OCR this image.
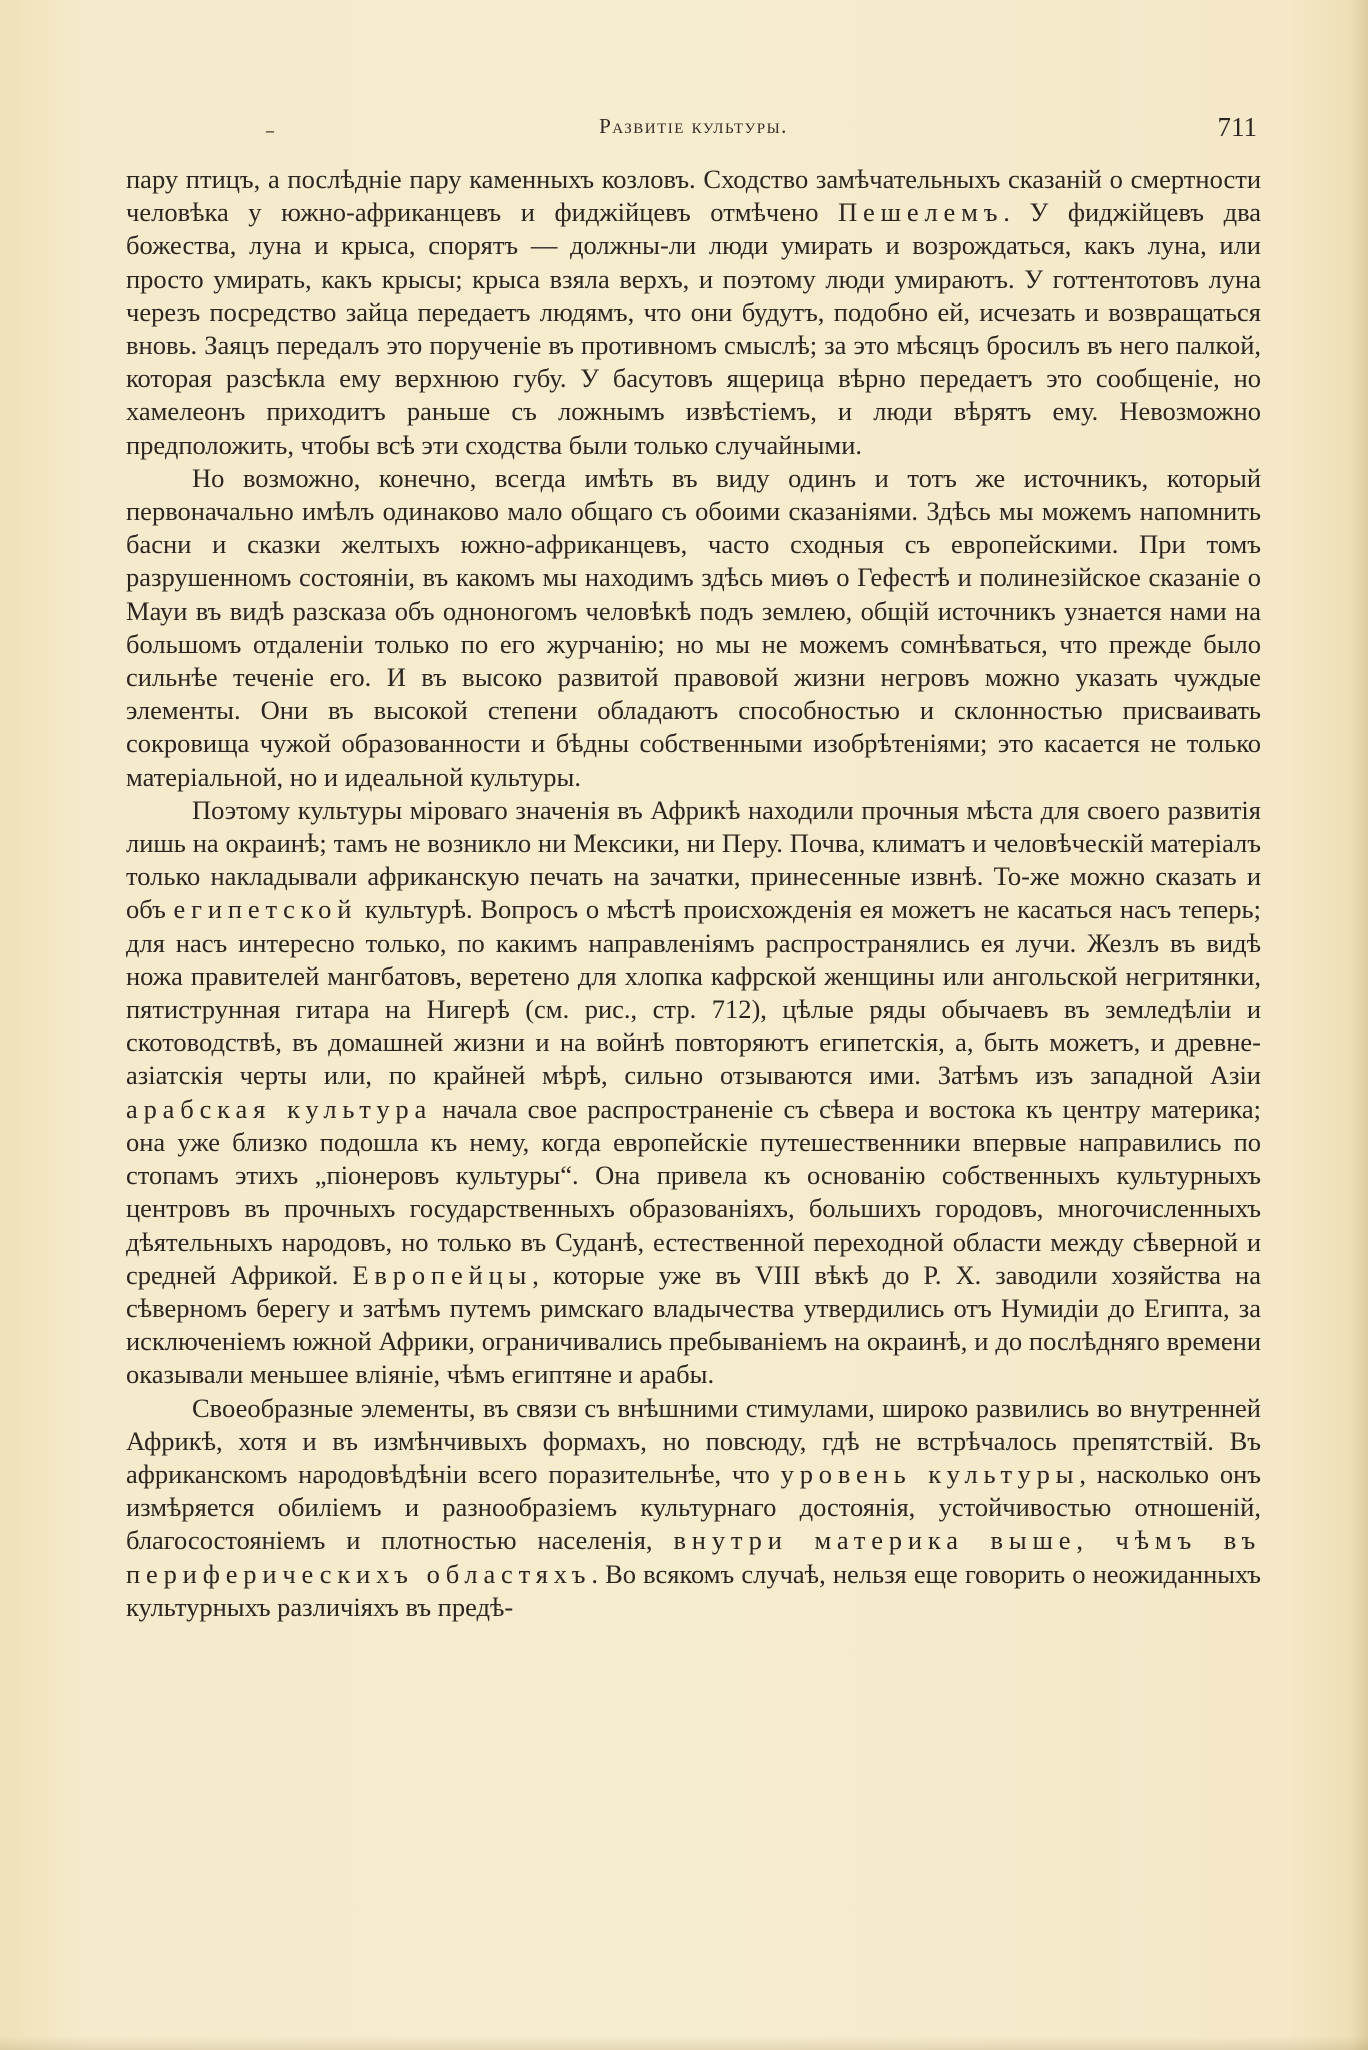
–	Развитіе культуры.	711

пару птицъ, а послѣдніе пару каменныхъ козловъ. Сходство замѣчательныхъ сказаній о смертности человѣка у южно-африканцевъ и фиджійцевъ отмѣчено Пешелемъ. У фиджійцевъ два божества, луна и крыса, спорятъ — должны-ли люди умирать и возрождаться, какъ луна, или просто умирать, какъ крысы; крыса взяла верхъ, и поэтому люди умираютъ. У готтентотовъ луна черезъ посредство зайца передаетъ людямъ, что они будутъ, подобно ей, исчезать и возвращаться вновь. Заяцъ передалъ это порученіе въ противномъ смыслѣ; за это мѣсяцъ бросилъ въ него палкой, которая разсѣкла ему верхнюю губу. У басутовъ ящерица вѣрно передаетъ это сообщеніе, но хамелеонъ приходитъ раньше съ ложнымъ извѣстіемъ, и люди вѣрятъ ему. Невозможно предположить, чтобы всѣ эти сходства были только случайными.

Но возможно, конечно, всегда имѣть въ виду одинъ и тотъ же источникъ, который первоначально имѣлъ одинаково мало общаго съ обоими сказаніями. Здѣсь мы можемъ напомнить басни и сказки желтыхъ южно-африканцевъ, часто сходныя съ европейскими. При томъ разрушенномъ состояніи, въ какомъ мы находимъ здѣсь миѳъ о Гефестѣ и полинезійское сказаніе о Мауи въ видѣ разсказа объ одноногомъ человѣкѣ подъ землею, общій источникъ узнается нами на большомъ отдаленіи только по его журчанію; но мы не можемъ сомнѣваться, что прежде было сильнѣе теченіе его. И въ высоко развитой правовой жизни негровъ можно указать чуждые элементы. Они въ высокой степени обладаютъ способностью и склонностью присваивать сокровища чужой образованности и бѣдны собственными изобрѣтеніями; это касается не только матеріальной, но и идеальной культуры.

Поэтому культуры міроваго значенія въ Африкѣ находили прочныя мѣста для своего развитія лишь на окраинѣ; тамъ не возникло ни Мексики, ни Перу. Почва, климатъ и человѣческій матеріалъ только накладывали африканскую печать на зачатки, принесенные извнѣ. То-же можно сказать и объ египетской культурѣ. Вопросъ о мѣстѣ происхожденія ея можетъ не касаться насъ теперь; для насъ интересно только, по какимъ направленіямъ распространялись ея лучи. Жезлъ въ видѣ ножа правителей мангбатовъ, веретено для хлопка кафрской женщины или ангольской негритянки, пятиструнная гитара на Нигерѣ (см. рис., стр. 712), цѣлые ряды обычаевъ въ земледѣліи и скотоводствѣ, въ домашней жизни и на войнѣ повторяютъ египетскія, а, быть можетъ, и древне-азіатскія черты или, по крайней мѣрѣ, сильно отзываются ими. Затѣмъ изъ западной Азіи арабская культура начала свое распространеніе съ сѣвера и востока къ центру материка; она уже близко подошла къ нему, когда европейскіе путешественники впервые направились по стопамъ этихъ „піонеровъ культуры“. Она привела къ основанію собственныхъ культурныхъ центровъ въ прочныхъ государственныхъ образованіяхъ, большихъ городовъ, многочисленныхъ дѣятельныхъ народовъ, но только въ Суданѣ, естественной переходной области между сѣверной и средней Африкой. Европейцы, которые уже въ VIII вѣкѣ до Р. Х. заводили хозяйства на сѣверномъ берегу и затѣмъ путемъ римскаго владычества утвердились отъ Нумидіи до Египта, за исключеніемъ южной Африки, ограничивались пребываніемъ на окраинѣ, и до послѣдняго времени оказывали меньшее вліяніе, чѣмъ египтяне и арабы.

Своеобразные элементы, въ связи съ внѣшними стимулами, широко развились во внутренней Африкѣ, хотя и въ измѣнчивыхъ формахъ, но повсюду, гдѣ не встрѣчалось препятствій. Въ африканскомъ народовѣдѣніи всего поразительнѣе, что уровень культуры, насколько онъ измѣряется обиліемъ и разнообразіемъ культурнаго достоянія, устойчивостью отношеній, благосостояніемъ и плотностью населенія, внутри материка выше, чѣмъ въ периферическихъ областяхъ. Во всякомъ случаѣ, нельзя еще говорить о неожиданныхъ культурныхъ различіяхъ въ предѣ-
